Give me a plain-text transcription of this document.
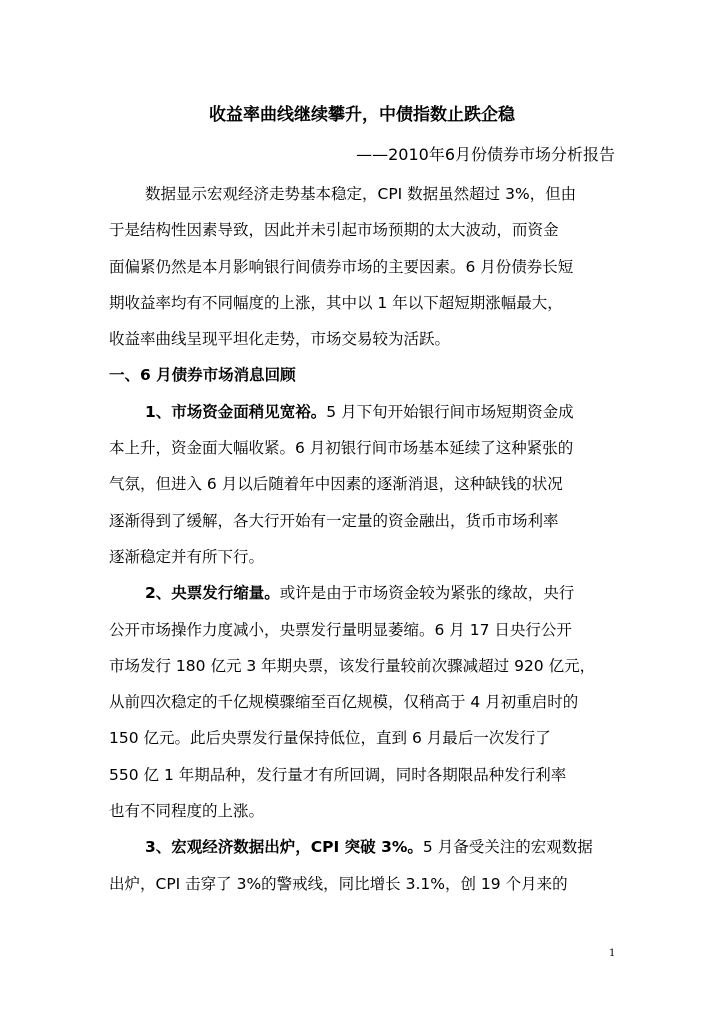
收益率曲线继续攀升，中债指数止跌企稳
——2010年6月份债券市场分析报告
数据显示宏观经济走势基本稳定，CPI 数据虽然超过 3%，但由
于是结构性因素导致，因此并未引起市场预期的太大波动，而资金
面偏紧仍然是本月影响银行间债券市场的主要因素。6 月份债券长短
期收益率均有不同幅度的上涨，其中以 1 年以下超短期涨幅最大，
收益率曲线呈现平坦化走势，市场交易较为活跃。
一、6 月债券市场消息回顾
1、市场资金面稍见宽裕。5 月下旬开始银行间市场短期资金成
本上升，资金面大幅收紧。6 月初银行间市场基本延续了这种紧张的
气氛，但进入 6 月以后随着年中因素的逐渐消退，这种缺钱的状况
逐渐得到了缓解，各大行开始有一定量的资金融出，货币市场利率
逐渐稳定并有所下行。
2、央票发行缩量。或许是由于市场资金较为紧张的缘故，央行
公开市场操作力度减小，央票发行量明显萎缩。6 月 17 日央行公开
市场发行 180 亿元 3 年期央票，该发行量较前次骤减超过 920 亿元，
从前四次稳定的千亿规模骤缩至百亿规模，仅稍高于 4 月初重启时的
150 亿元。此后央票发行量保持低位，直到 6 月最后一次发行了
550 亿 1 年期品种，发行量才有所回调，同时各期限品种发行利率
也有不同程度的上涨。
3、宏观经济数据出炉，CPI 突破 3%。5 月备受关注的宏观数据
出炉，CPI 击穿了 3%的警戒线，同比增长 3.1%，创 19 个月来的
1
